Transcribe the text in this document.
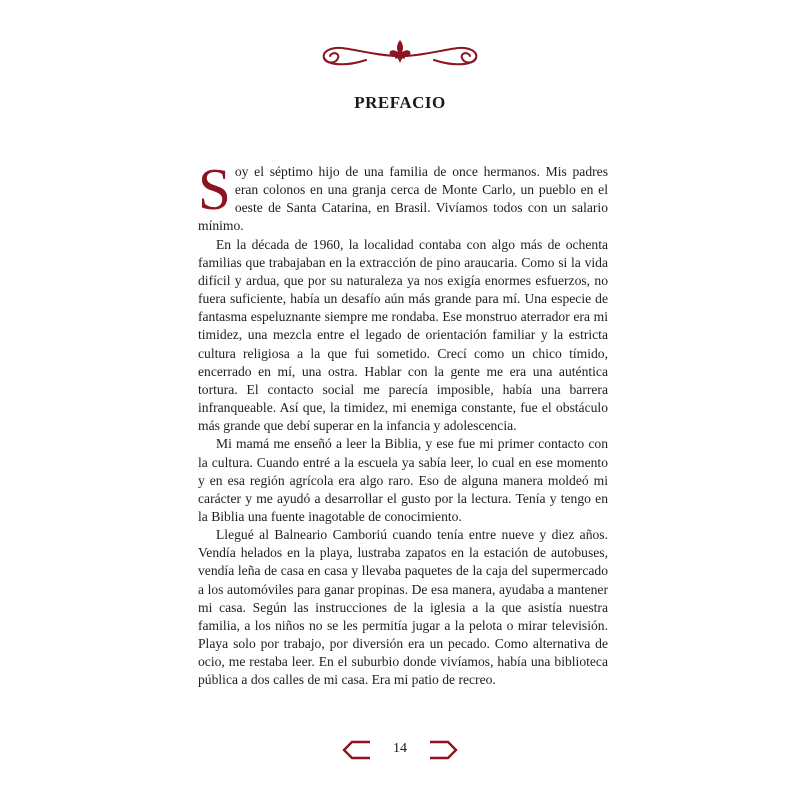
PREFACIO

Soy el séptimo hijo de una familia de once hermanos. Mis padres eran colonos en una granja cerca de Monte Carlo, un pueblo en el oeste de Santa Catarina, en Brasil. Vivíamos todos con un salario mínimo.

En la década de 1960, la localidad contaba con algo más de ochenta familias que trabajaban en la extracción de pino araucaria. Como si la vida difícil y ardua, que por su naturaleza ya nos exigía enormes esfuerzos, no fuera suficiente, había un desafío aún más grande para mí. Una especie de fantasma espeluznante siempre me rondaba. Ese monstruo aterrador era mi timidez, una mezcla entre el legado de orientación familiar y la estricta cultura religiosa a la que fui sometido. Crecí como un chico tímido, encerrado en mí, una ostra. Hablar con la gente me era una auténtica tortura. El contacto social me parecía imposible, había una barrera infranqueable. Así que, la timidez, mi enemiga constante, fue el obstáculo más grande que debí superar en la infancia y adolescencia.

Mi mamá me enseñó a leer la Biblia, y ese fue mi primer contacto con la cultura. Cuando entré a la escuela ya sabía leer, lo cual en ese momento y en esa región agrícola era algo raro. Eso de alguna manera moldeó mi carácter y me ayudó a desarrollar el gusto por la lectura. Tenía y tengo en la Biblia una fuente inagotable de conocimiento.

Llegué al Balneario Camboriú cuando tenía entre nueve y diez años. Vendía helados en la playa, lustraba zapatos en la estación de autobuses, vendía leña de casa en casa y llevaba paquetes de la caja del supermercado a los automóviles para ganar propinas. De esa manera, ayudaba a mantener mi casa. Según las instrucciones de la iglesia a la que asistía nuestra familia, a los niños no se les permitía jugar a la pelota o mirar televisión. Playa solo por trabajo, por diversión era un pecado. Como alternativa de ocio, me restaba leer. En el suburbio donde vivíamos, había una biblioteca pública a dos calles de mi casa. Era mi patio de recreo.

14
